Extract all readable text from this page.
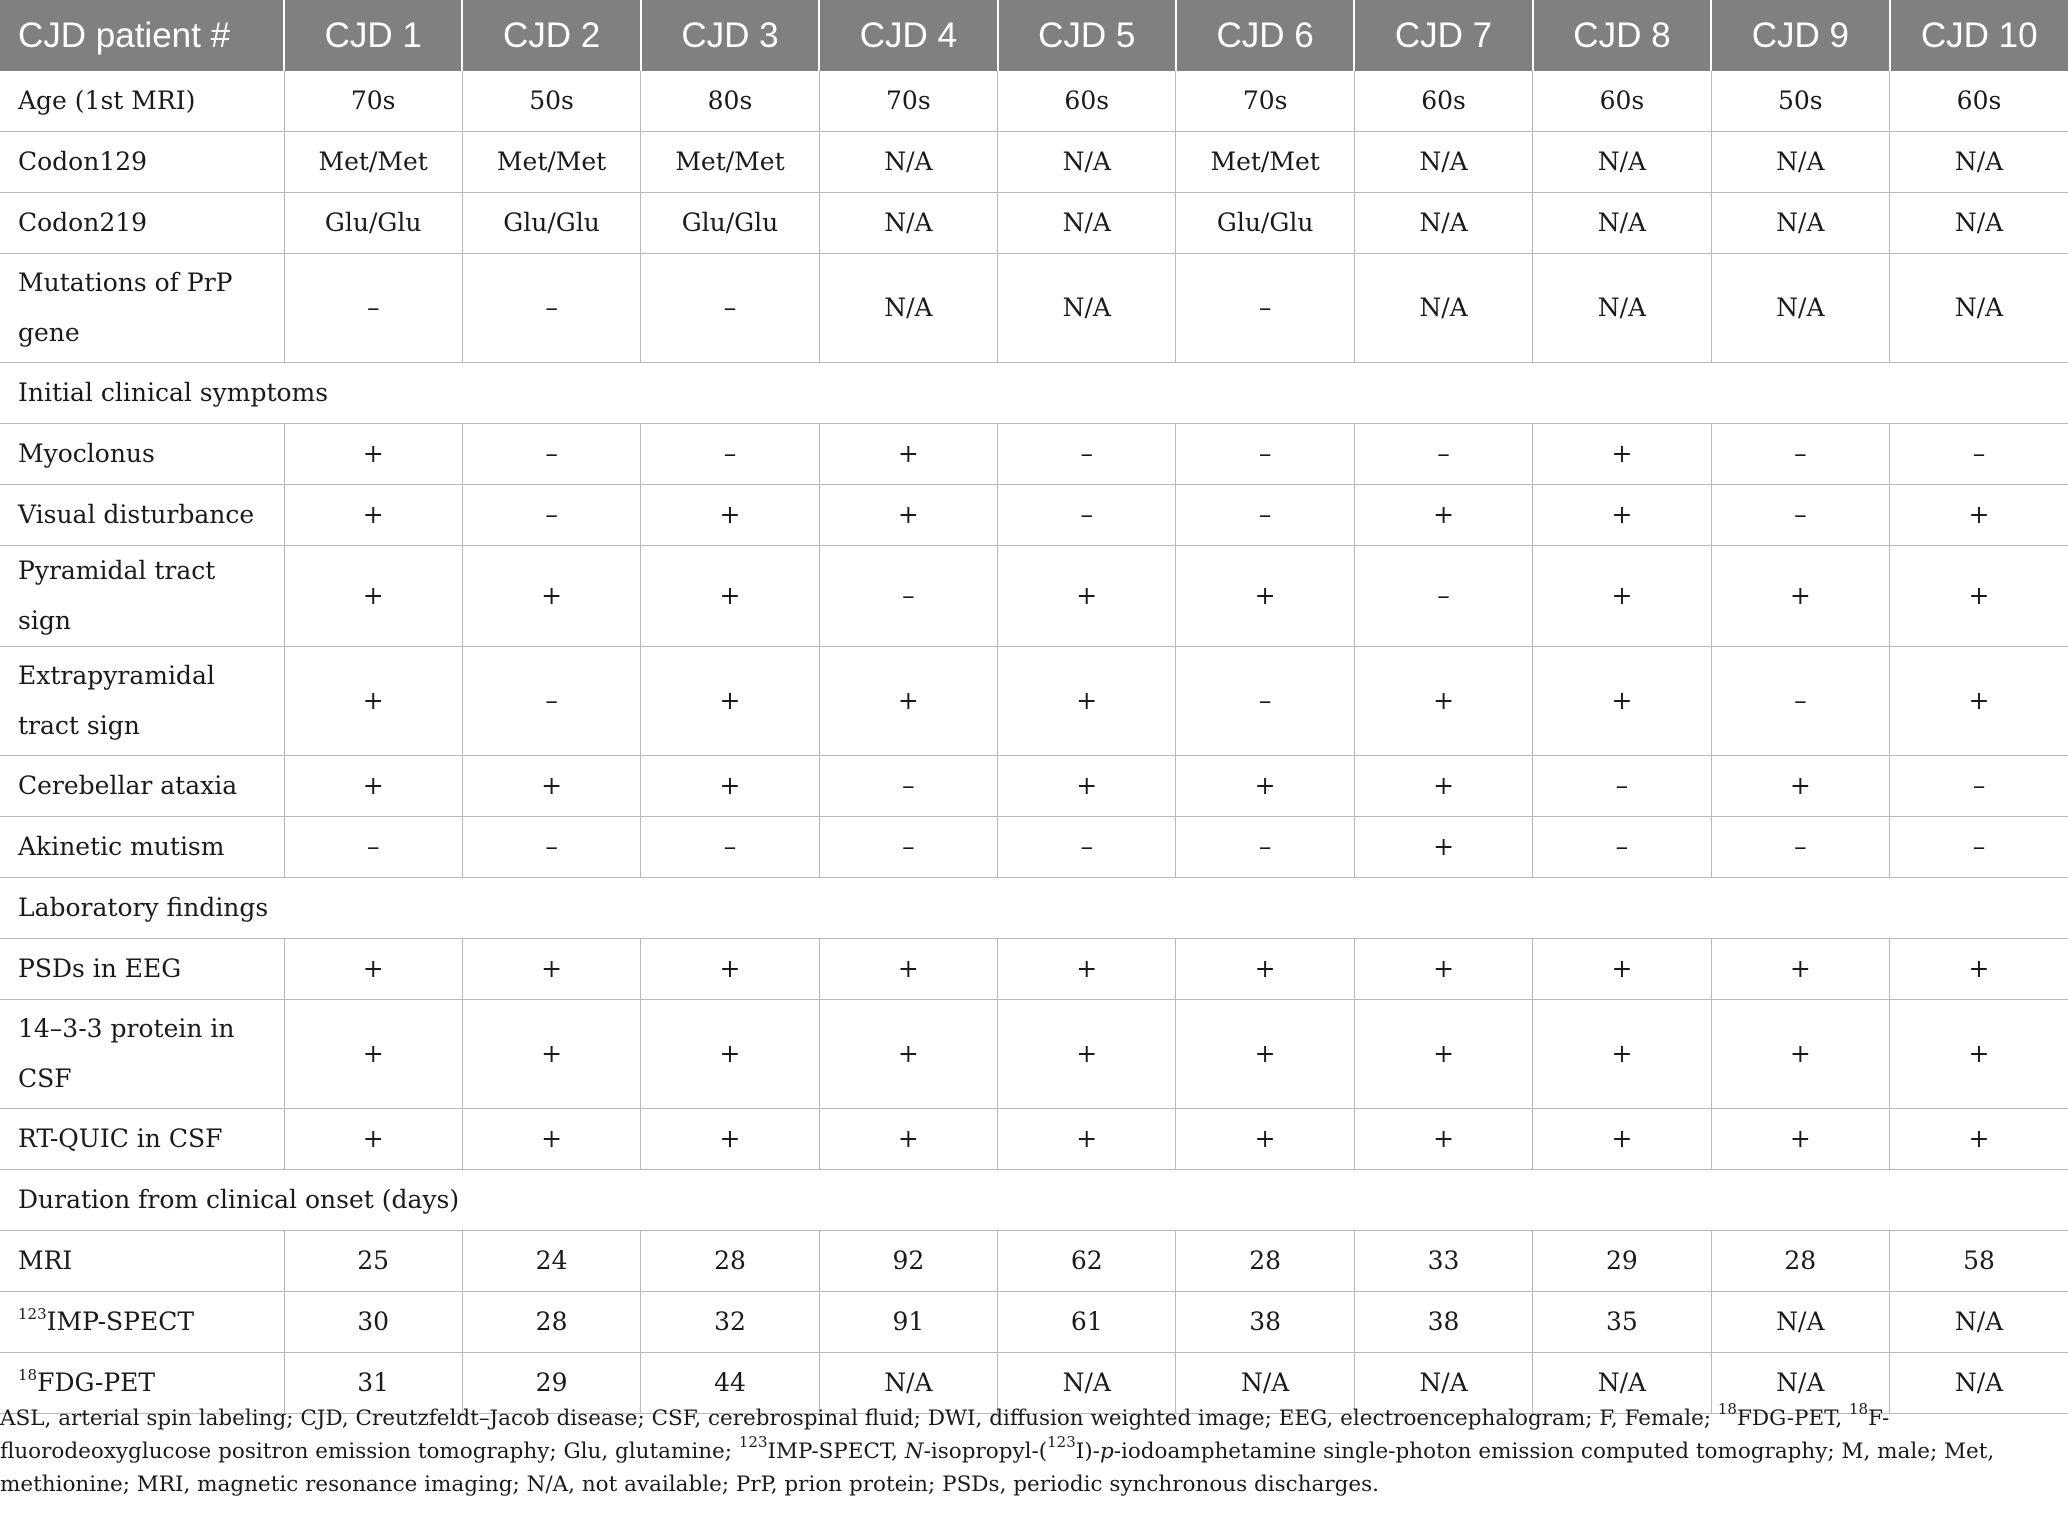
CJD patient #	CJD 1	CJD 2	CJD 3	CJD 4	CJD 5	CJD 6	CJD 7	CJD 8	CJD 9	CJD 10
Age (1st MRI)	70s	50s	80s	70s	60s	70s	60s	60s	50s	60s
Codon129	Met/Met	Met/Met	Met/Met	N/A	N/A	Met/Met	N/A	N/A	N/A	N/A
Codon219	Glu/Glu	Glu/Glu	Glu/Glu	N/A	N/A	Glu/Glu	N/A	N/A	N/A	N/A
Mutations of PrP gene	–	–	–	N/A	N/A	–	N/A	N/A	N/A	N/A
Initial clinical symptoms										
Myoclonus	+	–	–	+	–	–	–	+	–	–
Visual disturbance	+	–	+	+	–	–	+	+	–	+
Pyramidal tract sign	+	+	+	–	+	+	–	+	+	+
Extrapyramidal tract sign	+	–	+	+	+	–	+	+	–	+
Cerebellar ataxia	+	+	+	–	+	+	+	–	+	–
Akinetic mutism	–	–	–	–	–	–	+	–	–	–
Laboratory findings										
PSDs in EEG	+	+	+	+	+	+	+	+	+	+
14–3-3 protein in CSF	+	+	+	+	+	+	+	+	+	+
RT-QUIC in CSF	+	+	+	+	+	+	+	+	+	+
Duration from clinical onset (days)										
MRI	25	24	28	92	62	28	33	29	28	58
$^{123}$IMP-SPECT	30	28	32	91	61	38	38	35	N/A	N/A
$^{18}$FDG-PET	31	29	44	N/A	N/A	N/A	N/A	N/A	N/A	N/A
ASL, arterial spin labeling; CJD, Creutzfeldt–Jacob disease; CSF, cerebrospinal fluid; DWI, diffusion weighted image; EEG, electroencephalogram; F, Female; $^{18}$FDG-PET, $^{18}$F-fluorodeoxyglucose positron emission tomography; Glu, glutamine; $^{123}$IMP-SPECT, N-isopropyl-($^{123}$I)-p-iodoamphetamine single-photon emission computed tomography; M, male; Met, methionine; MRI, magnetic resonance imaging; N/A, not available; PrP, prion protein; PSDs, periodic synchronous discharges.
